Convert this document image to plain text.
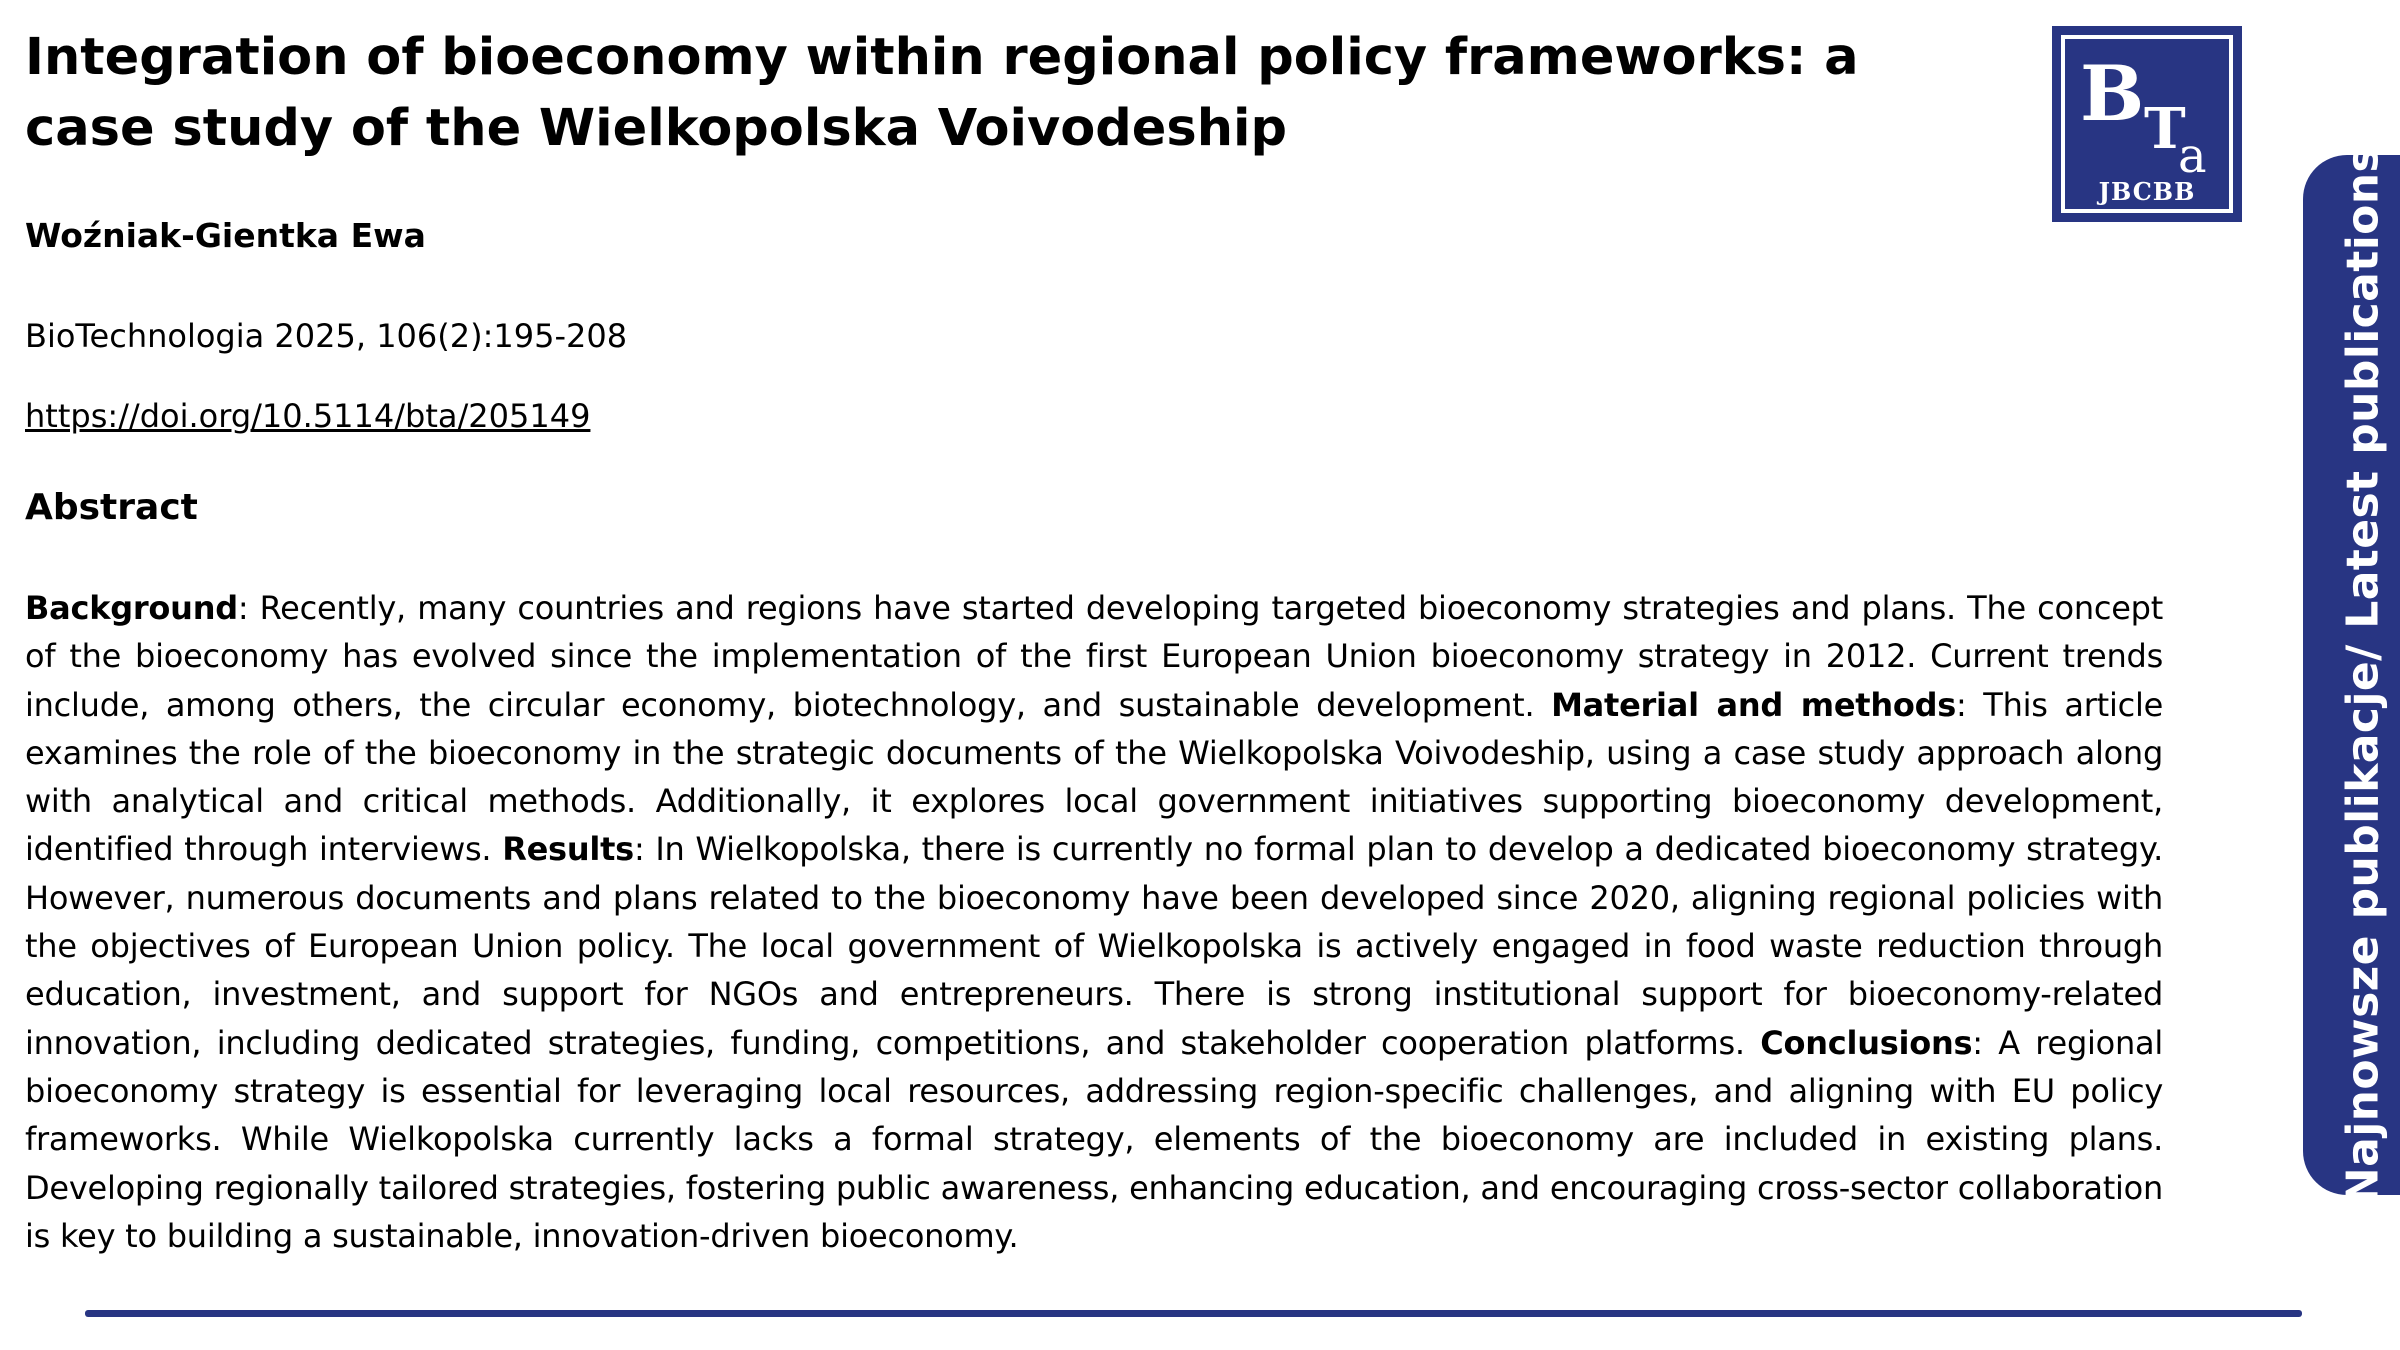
Integration of bioeconomy within regional policy frameworks: a case study of the Wielkopolska Voivodeship
Woźniak-Gientka Ewa
BioTechnologia 2025, 106(2):195-208
https://doi.org/10.5114/bta/205149
Abstract

Background: Recently, many countries and regions have started developing targeted bioeconomy strategies and plans. The concept of the bioeconomy has evolved since the implementation of the first European Union bioeconomy strategy in 2012. Current trends include, among others, the circular economy, biotechnology, and sustainable development. Material and methods: This article examines the role of the bioeconomy in the strategic documents of the Wielkopolska Voivodeship, using a case study approach along with analytical and critical methods. Additionally, it explores local government initiatives supporting bioeconomy development, identified through interviews. Results: In Wielkopolska, there is currently no formal plan to develop a dedicated bioeconomy strategy. However, numerous documents and plans related to the bioeconomy have been developed since 2020, aligning regional policies with the objectives of European Union policy. The local government of Wielkopolska is actively engaged in food waste reduction through education, investment, and support for NGOs and entrepreneurs. There is strong institutional support for bioeconomy-related innovation, including dedicated strategies, funding, competitions, and stakeholder cooperation platforms. Conclusions: A regional bioeconomy strategy is essential for leveraging local resources, addressing region-specific challenges, and aligning with EU policy frameworks. While Wielkopolska currently lacks a formal strategy, elements of the bioeconomy are included in existing plans. Developing regionally tailored strategies, fostering public awareness, enhancing education, and encouraging cross-sector collaboration is key to building a sustainable, innovation-driven bioeconomy.

B T
a
JBCBB	Najnowsze publikacje/ Latest publications
